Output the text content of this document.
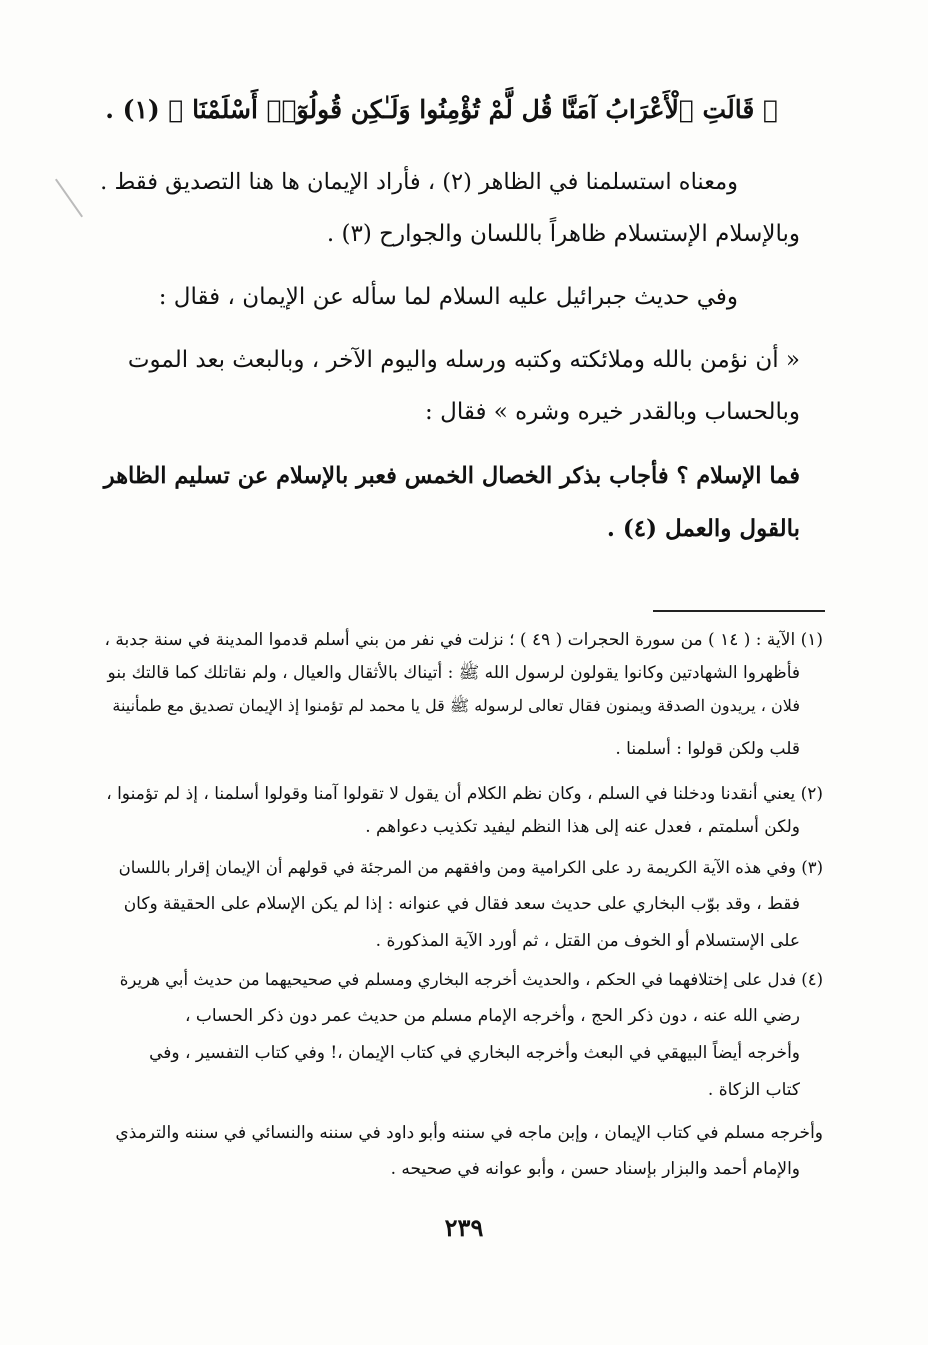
﴿ قَالَتِ ٱلْأَعْرَابُ آمَنَّا قُل لَّمْ تُؤْمِنُوا وَلَـٰكِن قُولُوٓا۟ أَسْلَمْنَا ﴾ (١) .

ومعناه استسلمنا في الظاهر (٢) ، فأراد الإيمان ها هنا التصديق فقط .

وبالإسلام الإستسلام ظاهراً باللسان والجوارح (٣) .

وفي حديث جبرائيل عليه السلام لما سأله عن الإيمان ، فقال :

« أن نؤمن بالله وملائكته وكتبه ورسله واليوم الآخر ، وبالبعث بعد الموت

وبالحساب وبالقدر خيره وشره » فقال :

فما الإسلام ؟ فأجاب بذكر الخصال الخمس فعبر بالإسلام عن تسليم الظاهر

بالقول والعمل (٤) .

(١) الآية : ( ١٤ ) من سورة الحجرات ( ٤٩ ) ؛ نزلت في نفر من بني أسلم قدموا المدينة في سنة جدبة ،

فأظهروا الشهادتين وكانوا يقولون لرسول الله ﷺ : أتيناك بالأثقال والعيال ، ولم نقاتلك كما قالتك بنو

فلان ، يريدون الصدقة ويمنون فقال تعالى لرسوله ﷺ قل يا محمد لم تؤمنوا إذ الإيمان تصديق مع طمأنينة

قلب ولكن قولوا : أسلمنا .

(٢) يعني أنقدنا ودخلنا في السلم ، وكان نظم الكلام أن يقول لا تقولوا آمنا وقولوا أسلمنا ، إذ لم تؤمنوا ،

ولكن أسلمتم ، فعدل عنه إلى هذا النظم ليفيد تكذيب دعواهم .

(٣) وفي هذه الآية الكريمة رد على الكرامية ومن وافقهم من المرجئة في قولهم أن الإيمان إقرار باللسان

فقط ، وقد بوّب البخاري على حديث سعد فقال في عنوانه : إذا لم يكن الإسلام على الحقيقة وكان

على الإستسلام أو الخوف من القتل ، ثم أورد الآية المذكورة .

(٤) فدل على إختلافهما في الحكم ، والحديث أخرجه البخاري ومسلم في صحيحيهما من حديث أبي هريرة

رضي الله عنه ، دون ذكر الحج ، وأخرجه الإمام مسلم من حديث عمر دون ذكر الحساب ،

وأخرجه أيضاً البيهقي في البعث وأخرجه البخاري في كتاب الإيمان ،! وفي كتاب التفسير ، وفي

كتاب الزكاة .

وأخرجه مسلم في كتاب الإيمان ، وإبن ماجه في سننه وأبو داود في سننه والنسائي في سننه والترمذي

والإمام أحمد والبزار بإسناد حسن ، وأبو عوانه في صحيحه .

٢٣٩
